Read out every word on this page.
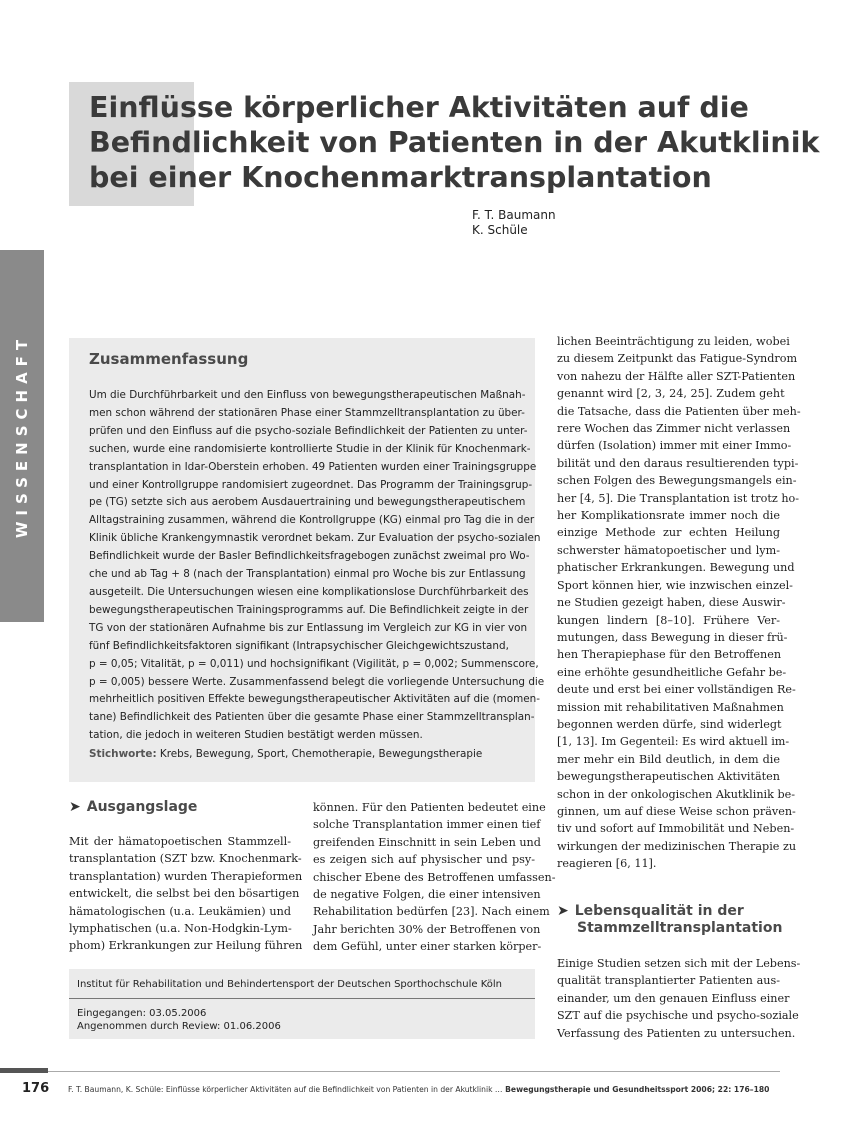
WISSENSCHAFT
Einflüsse körperlicher Aktivitäten auf die
Befindlichkeit von Patienten in der Akutklinik
bei einer Knochenmarktransplantation
F. T. Baumann
K. Schüle
Zusammenfassung
Um die Durchführbarkeit und den Einfluss von bewegungstherapeutischen Maßnah-
men schon während der stationären Phase einer Stammzelltransplantation zu über-
prüfen und den Einfluss auf die psycho-soziale Befindlichkeit der Patienten zu unter-
suchen, wurde eine randomisierte kontrollierte Studie in der Klinik für Knochenmark-
transplantation in Idar-Oberstein erhoben. 49 Patienten wurden einer Trainingsgruppe
und einer Kontrollgruppe randomisiert zugeordnet. Das Programm der Trainingsgrup-
pe (TG) setzte sich aus aerobem Ausdauertraining und bewegungstherapeutischem
Alltagstraining zusammen, während die Kontrollgruppe (KG) einmal pro Tag die in der
Klinik übliche Krankengymnastik verordnet bekam. Zur Evaluation der psycho-sozialen
Befindlichkeit wurde der Basler Befindlichkeitsfragebogen zunächst zweimal pro Wo-
che und ab Tag + 8 (nach der Transplantation) einmal pro Woche bis zur Entlassung
ausgeteilt. Die Untersuchungen wiesen eine komplikationslose Durchführbarkeit des
bewegungstherapeutischen Trainingsprogramms auf. Die Befindlichkeit zeigte in der
TG von der stationären Aufnahme bis zur Entlassung im Vergleich zur KG in vier von
fünf Befindlichkeitsfaktoren signifikant (Intrapsychischer Gleichgewichtszustand,
p = 0,05; Vitalität, p = 0,011) und hochsignifikant (Vigilität, p = 0,002; Summenscore,
p = 0,005) bessere Werte. Zusammenfassend belegt die vorliegende Untersuchung die
mehrheitlich positiven Effekte bewegungstherapeutischer Aktivitäten auf die (momen-
tane) Befindlichkeit des Patienten über die gesamte Phase einer Stammzelltransplan-
tation, die jedoch in weiteren Studien bestätigt werden müssen.
Stichworte: Krebs, Bewegung, Sport, Chemotherapie, Bewegungstherapie
➤ Ausgangslage
Mit der hämatopoetischen Stammzell-
transplantation (SZT bzw. Knochenmark-
transplantation) wurden Therapieformen
entwickelt, die selbst bei den bösartigen
hämatologischen (u.a. Leukämien) und
lymphatischen (u.a. Non-Hodgkin-Lym-
phom) Erkrankungen zur Heilung führen
können. Für den Patienten bedeutet eine
solche Transplantation immer einen tief
greifenden Einschnitt in sein Leben und
es zeigen sich auf physischer und psy-
chischer Ebene des Betroffenen umfassen-
de negative Folgen, die einer intensiven
Rehabilitation bedürfen [23]. Nach einem
Jahr berichten 30% der Betroffenen von
dem Gefühl, unter einer starken körper-
lichen Beeinträchtigung zu leiden, wobei
zu diesem Zeitpunkt das Fatigue-Syndrom
von nahezu der Hälfte aller SZT-Patienten
genannt wird [2, 3, 24, 25]. Zudem geht
die Tatsache, dass die Patienten über meh-
rere Wochen das Zimmer nicht verlassen
dürfen (Isolation) immer mit einer Immo-
bilität und den daraus resultierenden typi-
schen Folgen des Bewegungsmangels ein-
her [4, 5]. Die Transplantation ist trotz ho-
her Komplikationsrate immer noch die
einzige Methode zur echten Heilung
schwerster hämatopoetischer und lym-
phatischer Erkrankungen. Bewegung und
Sport können hier, wie inzwischen einzel-
ne Studien gezeigt haben, diese Auswir-
kungen lindern [8–10]. Frühere Ver-
mutungen, dass Bewegung in dieser frü-
hen Therapiephase für den Betroffenen
eine erhöhte gesundheitliche Gefahr be-
deute und erst bei einer vollständigen Re-
mission mit rehabilitativen Maßnahmen
begonnen werden dürfe, sind widerlegt
[1, 13]. Im Gegenteil: Es wird aktuell im-
mer mehr ein Bild deutlich, in dem die
bewegungstherapeutischen Aktivitäten
schon in der onkologischen Akutklinik be-
ginnen, um auf diese Weise schon präven-
tiv und sofort auf Immobilität und Neben-
wirkungen der medizinischen Therapie zu
reagieren [6, 11].
➤ Lebensqualität in der
Stammzelltransplantation
Einige Studien setzen sich mit der Lebens-
qualität transplantierter Patienten aus-
einander, um den genauen Einfluss einer
SZT auf die psychische und psycho-soziale
Verfassung des Patienten zu untersuchen.
Institut für Rehabilitation und Behindertensport der Deutschen Sporthochschule Köln
Eingegangen: 03.05.2006
Angenommen durch Review: 01.06.2006
176 F. T. Baumann, K. Schüle: Einflüsse körperlicher Aktivitäten auf die Befindlichkeit von Patienten in der Akutklinik … Bewegungstherapie und Gesundheitssport 2006; 22: 176–180
